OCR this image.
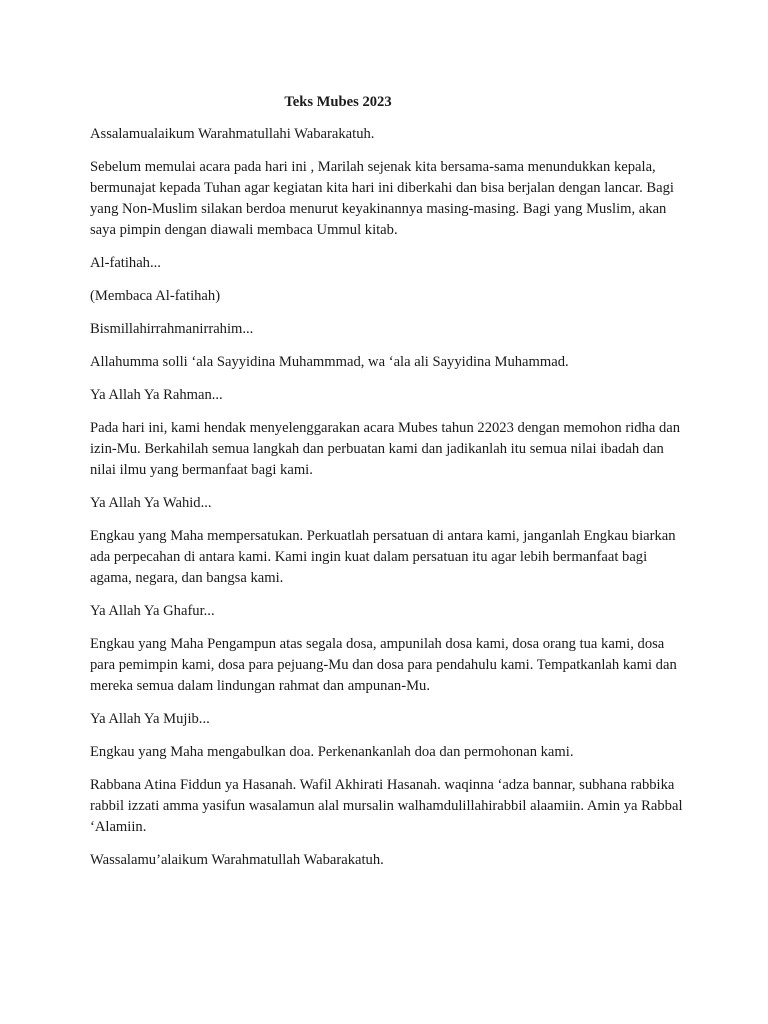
Teks Mubes 2023

Assalamualaikum Warahmatullahi Wabarakatuh.

Sebelum memulai acara pada hari ini , Marilah sejenak kita bersama-sama menundukkan kepala, bermunajat kepada Tuhan agar kegiatan kita hari ini diberkahi dan bisa berjalan dengan lancar. Bagi yang Non-Muslim silakan berdoa menurut keyakinannya masing-masing. Bagi yang Muslim, akan saya pimpin dengan diawali membaca Ummul kitab.

Al-fatihah...

(Membaca Al-fatihah)

Bismillahirrahmanirrahim...

Allahumma solli ‘ala Sayyidina Muhammmad, wa ‘ala ali Sayyidina Muhammad.

Ya Allah Ya Rahman...

Pada hari ini, kami hendak menyelenggarakan acara Mubes tahun 22023 dengan memohon ridha dan izin-Mu. Berkahilah semua langkah dan perbuatan kami dan jadikanlah itu semua nilai ibadah dan nilai ilmu yang bermanfaat bagi kami.

Ya Allah Ya Wahid...

Engkau yang Maha mempersatukan. Perkuatlah persatuan di antara kami, janganlah Engkau biarkan ada perpecahan di antara kami. Kami ingin kuat dalam persatuan itu agar lebih bermanfaat bagi agama, negara, dan bangsa kami.

Ya Allah Ya Ghafur...

Engkau yang Maha Pengampun atas segala dosa, ampunilah dosa kami, dosa orang tua kami, dosa para pemimpin kami, dosa para pejuang-Mu dan dosa para pendahulu kami. Tempatkanlah kami dan mereka semua dalam lindungan rahmat dan ampunan-Mu.

Ya Allah Ya Mujib...

Engkau yang Maha mengabulkan doa. Perkenankanlah doa dan permohonan kami.

Rabbana Atina Fiddun ya Hasanah. Wafil Akhirati Hasanah. waqinna ‘adza bannar, subhana rabbika rabbil izzati amma yasifun wasalamun alal mursalin walhamdulillahirabbil alaamiin. Amin ya Rabbal ‘Alamiin.

Wassalamu’alaikum Warahmatullah Wabarakatuh.
